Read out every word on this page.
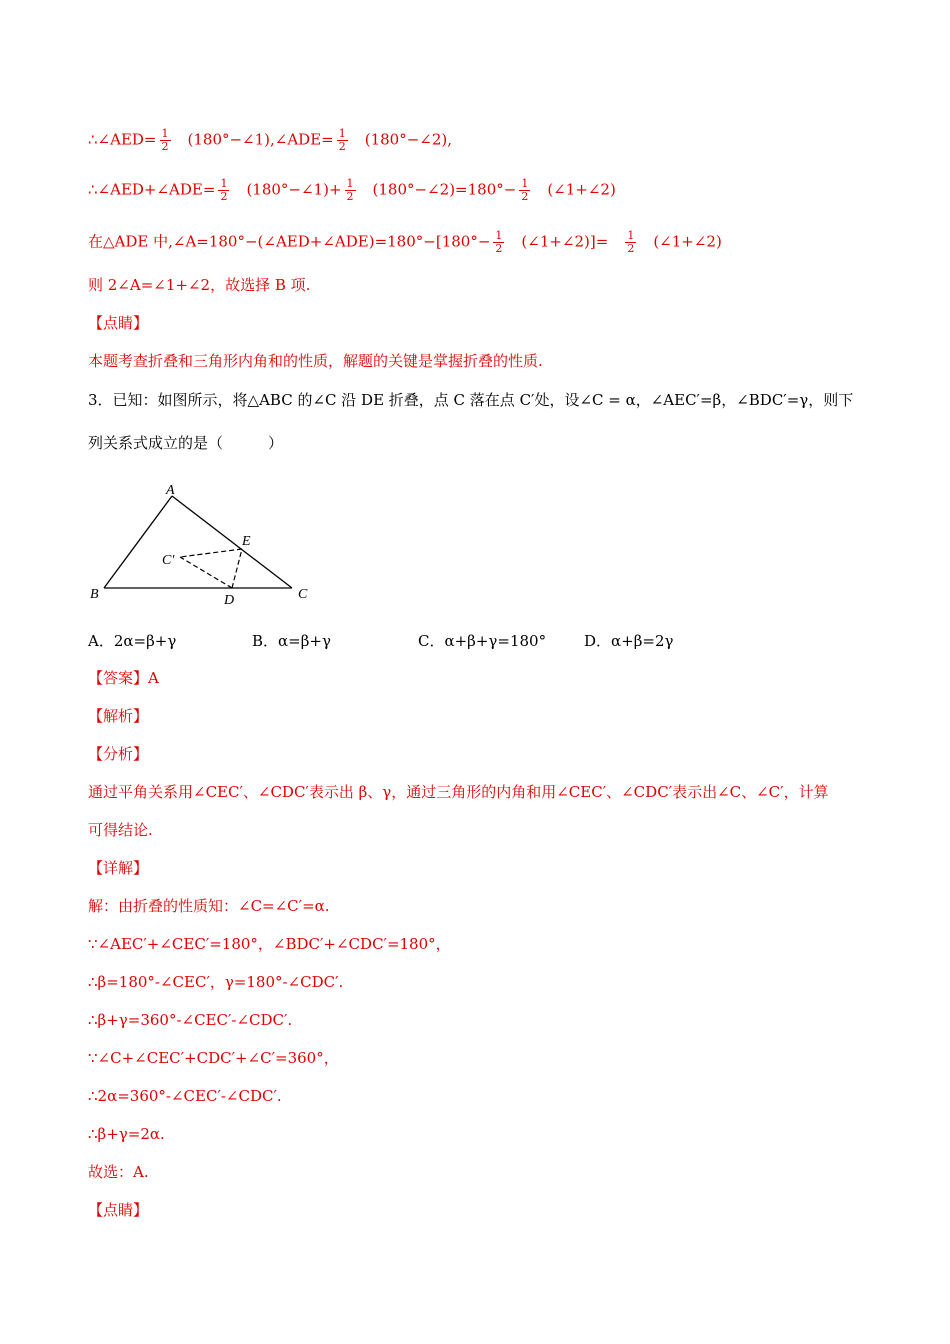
∴∠AED= $\frac{1}{2}$ (180°−∠1),∠ADE= $\frac{1}{2}$ (180°−∠2),
∴∠AED+∠ADE= $\frac{1}{2}$ (180°−∠1)+ $\frac{1}{2}$ (180°−∠2)=180°− $\frac{1}{2}$ (∠1+∠2)
在△ADE 中,∠A=180°−(∠AED+∠ADE)=180°−[180°− $\frac{1}{2}$ (∠1+∠2)]= $\frac{1}{2}$ (∠1+∠2)
则 2∠A=∠1+∠2，故选择 B 项.
【点睛】
本题考查折叠和三角形内角和的性质，解题的关键是掌握折叠的性质.
3．已知：如图所示，将△ABC 的∠C 沿 DE 折叠，点 C 落在点 C′处，设∠C = α，∠AEC′=β，∠BDC′=γ，则下
列关系式成立的是（　　　）
A
B	C
D
E
C′
A．2α=β+γ	B．α=β+γ	C．α+β+γ=180°	D．α+β=2γ
【答案】A
【解析】
【分析】
通过平角关系用∠CEC′、∠CDC′表示出 β、γ，通过三角形的内角和用∠CEC′、∠CDC′表示出∠C、∠C′，计算
可得结论.
【详解】
解：由折叠的性质知：∠C=∠C′=α.
∵∠AEC′+∠CEC′=180°，∠BDC′+∠CDC′=180°，
∴β=180°-∠CEC′，γ=180°-∠CDC′.
∴β+γ=360°-∠CEC′-∠CDC′.
∵∠C+∠CEC′+CDC′+∠C′=360°，
∴2α=360°-∠CEC′-∠CDC′.
∴β+γ=2α.
故选：A.
【点睛】
